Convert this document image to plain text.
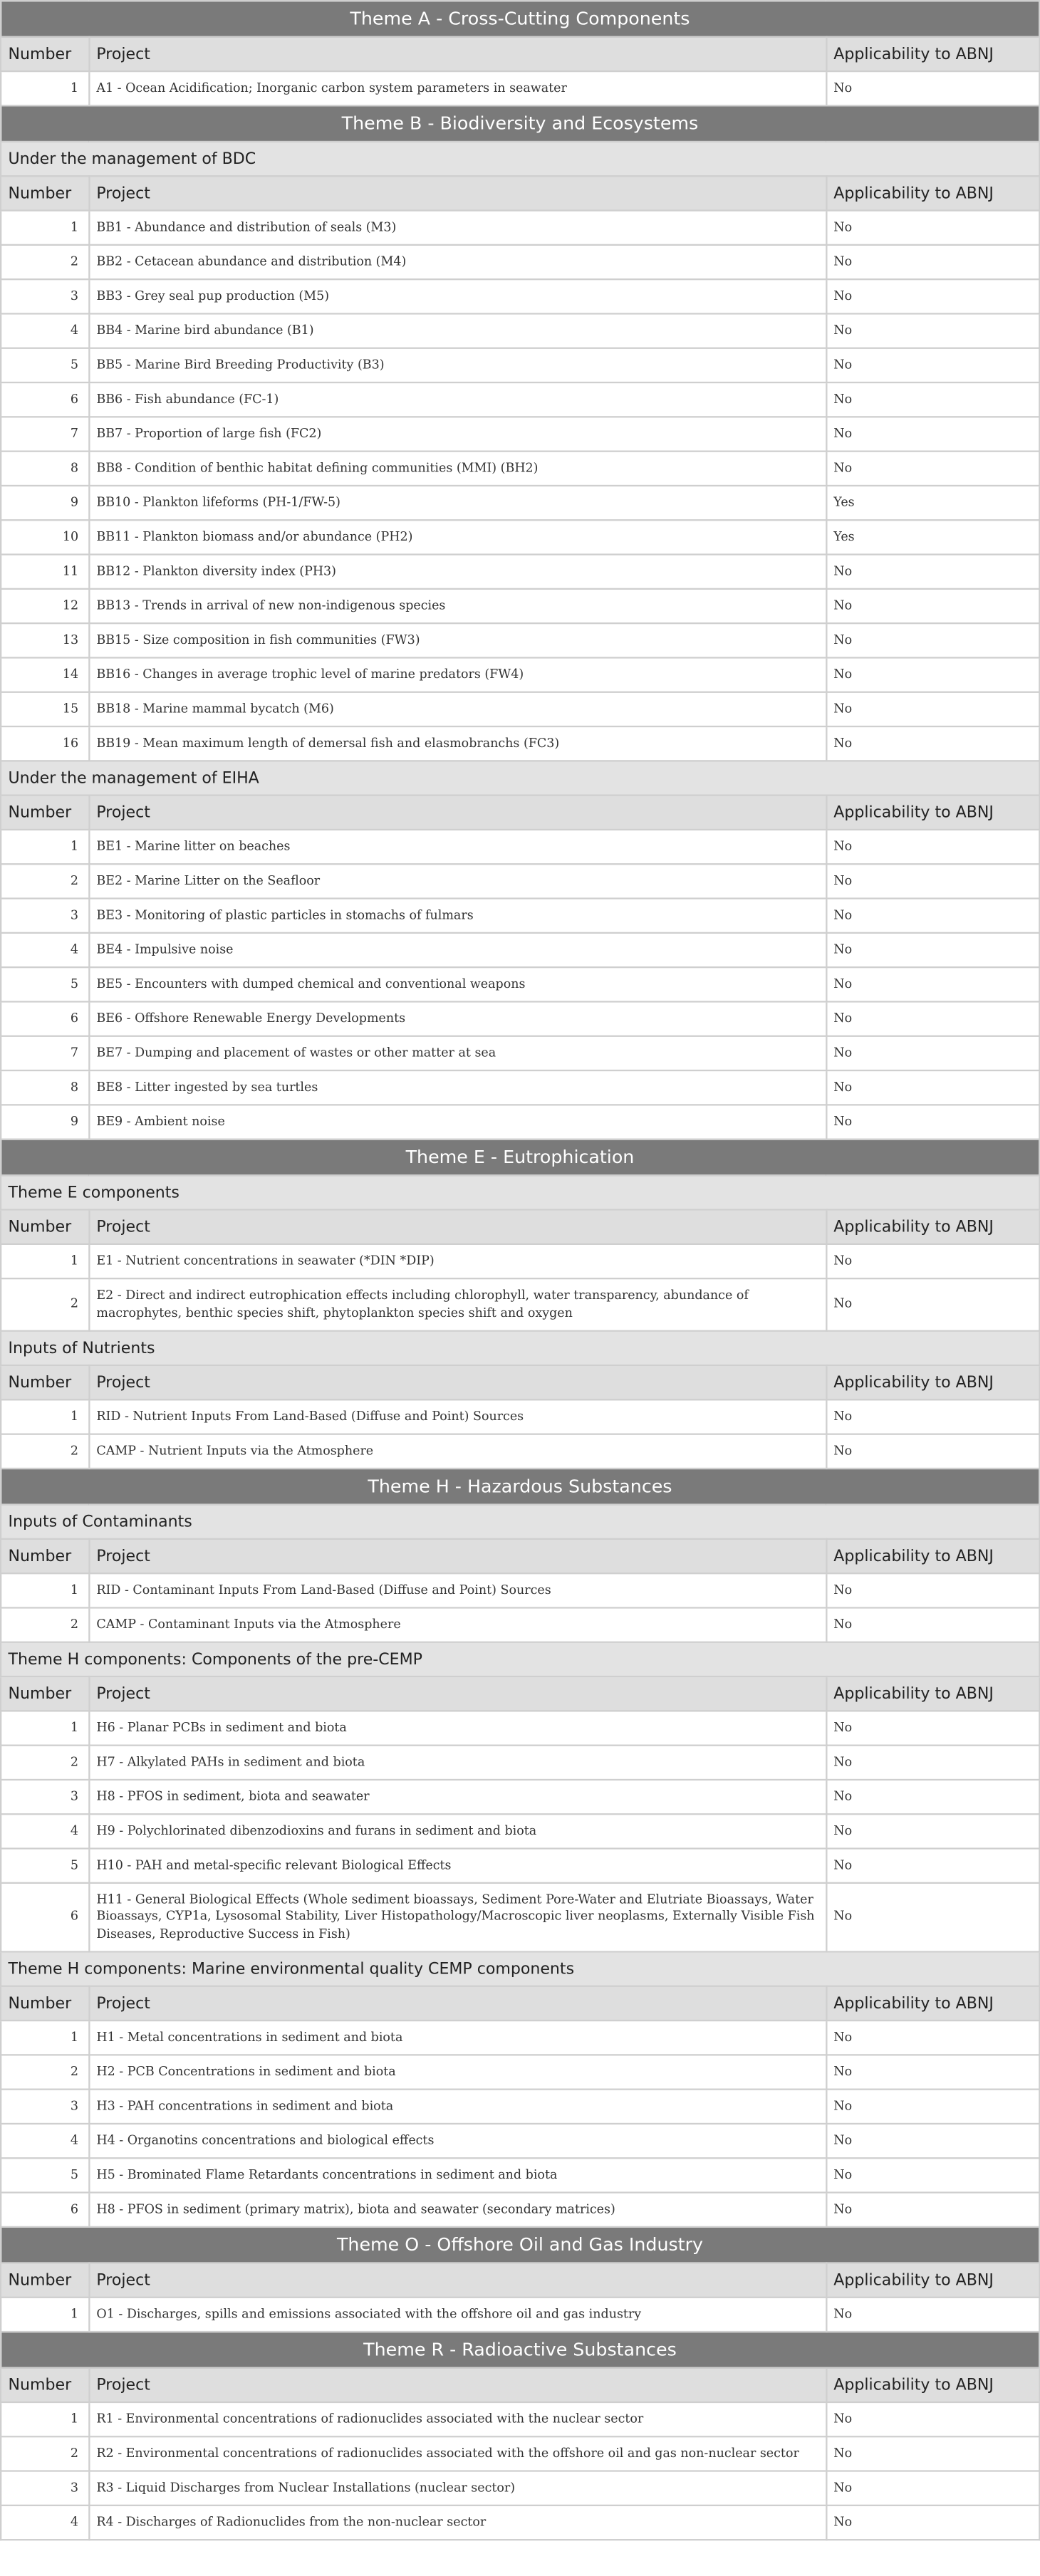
Theme A - Cross-Cutting Components		
Number	Project	Applicability to ABNJ
1	A1 - Ocean Acidification; Inorganic carbon system parameters in seawater	No
Theme B - Biodiversity and Ecosystems		
Under the management of BDC		
Number	Project	Applicability to ABNJ
1	BB1 - Abundance and distribution of seals (M3)	No
2	BB2 - Cetacean abundance and distribution (M4)	No
3	BB3 - Grey seal pup production (M5)	No
4	BB4 - Marine bird abundance (B1)	No
5	BB5 - Marine Bird Breeding Productivity (B3)	No
6	BB6 - Fish abundance (FC-1)	No
7	BB7 - Proportion of large fish (FC2)	No
8	BB8 - Condition of benthic habitat defining communities (MMI) (BH2)	No
9	BB10 - Plankton lifeforms (PH-1/FW-5)	Yes
10	BB11 - Plankton biomass and/or abundance (PH2)	Yes
11	BB12 - Plankton diversity index (PH3)	No
12	BB13 - Trends in arrival of new non-indigenous species	No
13	BB15 - Size composition in fish communities (FW3)	No
14	BB16 - Changes in average trophic level of marine predators (FW4)	No
15	BB18 - Marine mammal bycatch (M6)	No
16	BB19 - Mean maximum length of demersal fish and elasmobranchs (FC3)	No
Under the management of EIHA		
Number	Project	Applicability to ABNJ
1	BE1 - Marine litter on beaches	No
2	BE2 - Marine Litter on the Seafloor	No
3	BE3 - Monitoring of plastic particles in stomachs of fulmars	No
4	BE4 - Impulsive noise	No
5	BE5 - Encounters with dumped chemical and conventional weapons	No
6	BE6 - Offshore Renewable Energy Developments	No
7	BE7 - Dumping and placement of wastes or other matter at sea	No
8	BE8 - Litter ingested by sea turtles	No
9	BE9 - Ambient noise	No
Theme E - Eutrophication		
Theme E components		
Number	Project	Applicability to ABNJ
1	E1 - Nutrient concentrations in seawater (*DIN *DIP)	No
2	E2 - Direct and indirect eutrophication effects including chlorophyll, water transparency, abundance of macrophytes, benthic species shift, phytoplankton species shift and oxygen	No
Inputs of Nutrients		
Number	Project	Applicability to ABNJ
1	RID - Nutrient Inputs From Land-Based (Diffuse and Point) Sources	No
2	CAMP - Nutrient Inputs via the Atmosphere	No
Theme H - Hazardous Substances		
Inputs of Contaminants		
Number	Project	Applicability to ABNJ
1	RID - Contaminant Inputs From Land-Based (Diffuse and Point) Sources	No
2	CAMP - Contaminant Inputs via the Atmosphere	No
Theme H components: Components of the pre-CEMP		
Number	Project	Applicability to ABNJ
1	H6 - Planar PCBs in sediment and biota	No
2	H7 - Alkylated PAHs in sediment and biota	No
3	H8 - PFOS in sediment, biota and seawater	No
4	H9 - Polychlorinated dibenzodioxins and furans in sediment and biota	No
5	H10 - PAH and metal-specific relevant Biological Effects	No
6	H11 - General Biological Effects (Whole sediment bioassays, Sediment Pore-Water and Elutriate Bioassays, Water Bioassays, CYP1a, Lysosomal Stability, Liver Histopathology/Macroscopic liver neoplasms, Externally Visible Fish Diseases, Reproductive Success in Fish)	No
Theme H components: Marine environmental quality CEMP components		
Number	Project	Applicability to ABNJ
1	H1 - Metal concentrations in sediment and biota	No
2	H2 - PCB Concentrations in sediment and biota	No
3	H3 - PAH concentrations in sediment and biota	No
4	H4 - Organotins concentrations and biological effects	No
5	H5 - Brominated Flame Retardants concentrations in sediment and biota	No
6	H8 - PFOS in sediment (primary matrix), biota and seawater (secondary matrices)	No
Theme O - Offshore Oil and Gas Industry		
Number	Project	Applicability to ABNJ
1	O1 - Discharges, spills and emissions associated with the offshore oil and gas industry	No
Theme R - Radioactive Substances		
Number	Project	Applicability to ABNJ
1	R1 - Environmental concentrations of radionuclides associated with the nuclear sector	No
2	R2 - Environmental concentrations of radionuclides associated with the offshore oil and gas non-nuclear sector	No
3	R3 - Liquid Discharges from Nuclear Installations (nuclear sector)	No
4	R4 - Discharges of Radionuclides from the non-nuclear sector	No
